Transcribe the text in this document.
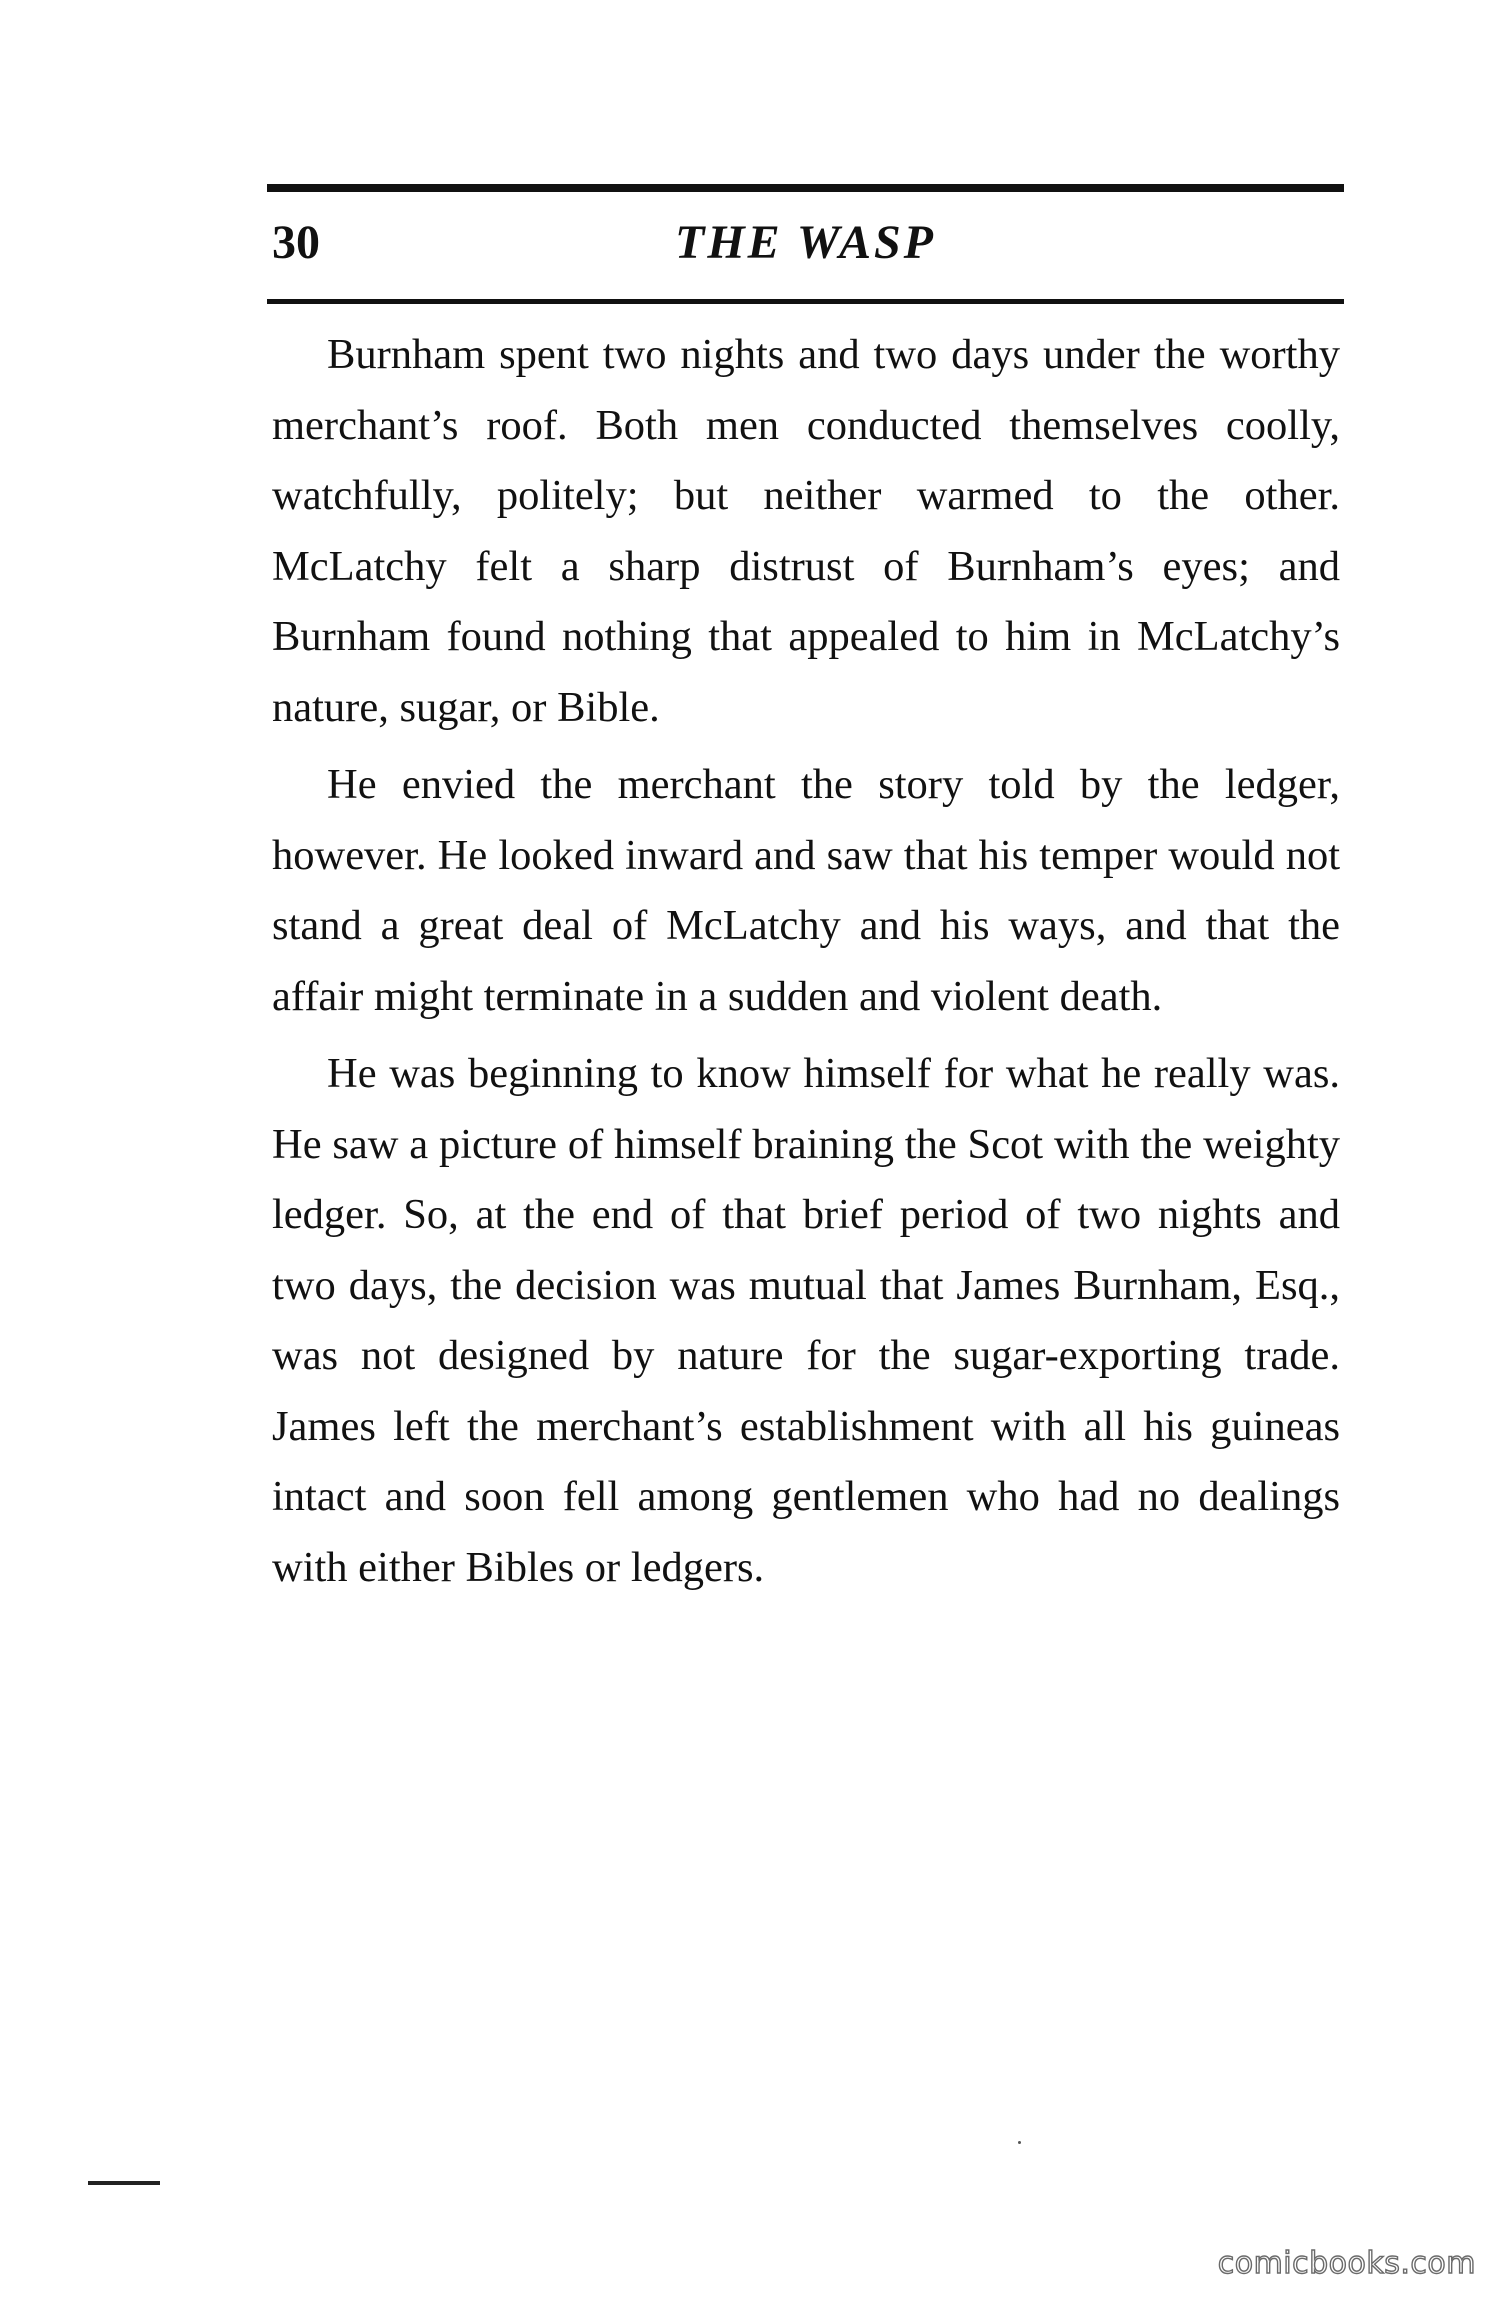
30	THE WASP

Burnham spent two nights and two days under the worthy merchant’s roof. Both men conducted themselves coolly, watchfully, politely; but neither warmed to the other. McLatchy felt a sharp distrust of Burnham’s eyes; and Burnham found nothing that appealed to him in McLatchy’s nature, sugar, or Bible.

He envied the merchant the story told by the ledger, however. He looked inward and saw that his temper would not stand a great deal of McLatchy and his ways, and that the affair might terminate in a sudden and violent death.

He was beginning to know himself for what he really was. He saw a picture of himself braining the Scot with the weighty ledger. So, at the end of that brief period of two nights and two days, the decision was mutual that James Burnham, Esq., was not designed by nature for the sugar-exporting trade. James left the merchant’s establishment with all his guineas intact and soon fell among gentlemen who had no dealings with either Bibles or ledgers.

comicbooks.com
